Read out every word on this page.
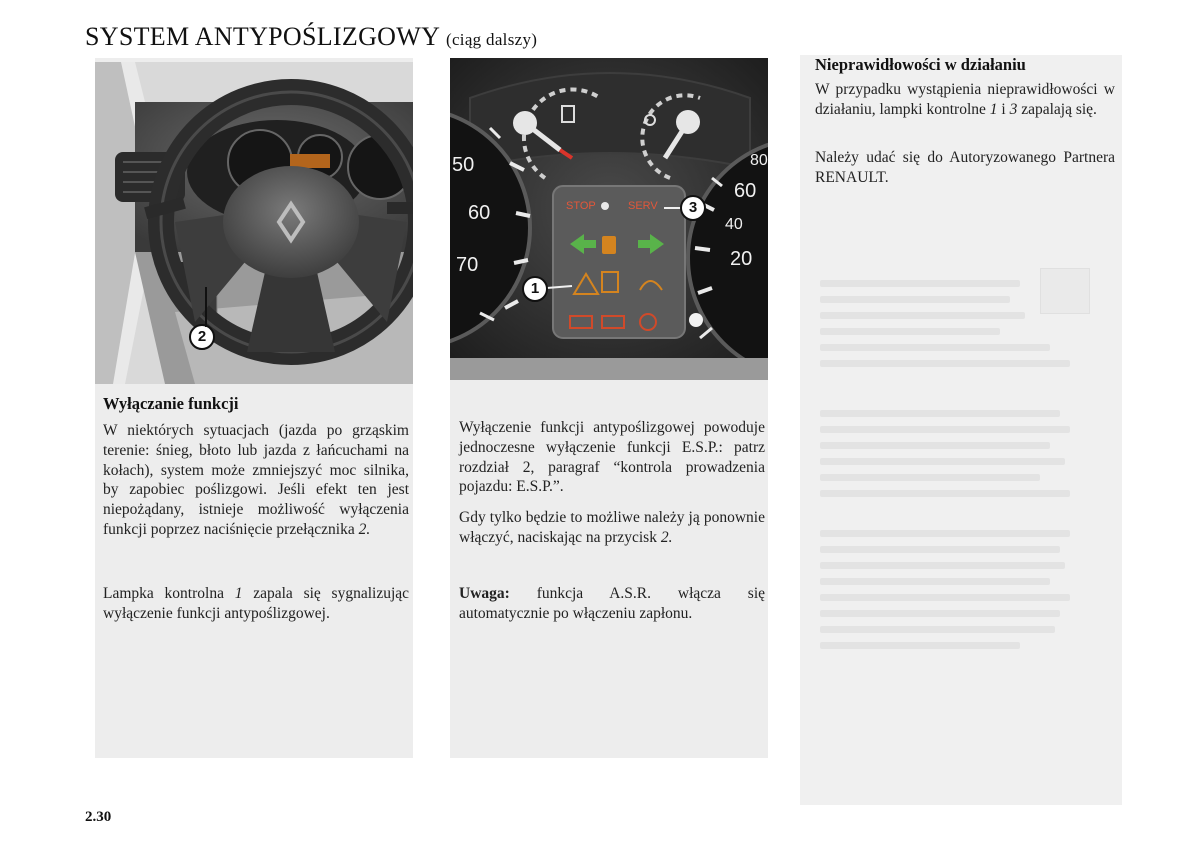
SYSTEM ANTYPOŚLIZGOWY (ciąg dalszy)
2
50
60
70
80
60
40
20
STOP	SERV	3
1
Wyłączanie funkcji

W niektórych sytuacjach (jazda po grząskim terenie: śnieg, błoto lub jazda z łańcuchami na kołach), system może zmniejszyć moc silnika, by zapobiec poślizgowi. Jeśli efekt ten jest niepożądany, istnieje możliwość wyłączenia funkcji poprzez naciśnięcie przełącznika 2.

Lampka kontrolna 1 zapala się sygnalizując wyłączenie funkcji antypoślizgowej.

Wyłączenie funkcji antypoślizgowej powoduje jednoczesne wyłączenie funkcji E.S.P.: patrz rozdział 2, paragraf “kontrola prowadzenia pojazdu: E.S.P.”.

Gdy tylko będzie to możliwe należy ją ponownie włączyć, naciskając na przycisk 2.

Uwaga: funkcja A.S.R. włącza się automatycznie po włączeniu zapłonu.

Nieprawidłowości w działaniu

W przypadku wystąpienia nieprawidłowości w działaniu, lampki kontrolne 1 i 3 zapalają się.

Należy udać się do Autoryzowanego Partnera RENAULT.

2.30
